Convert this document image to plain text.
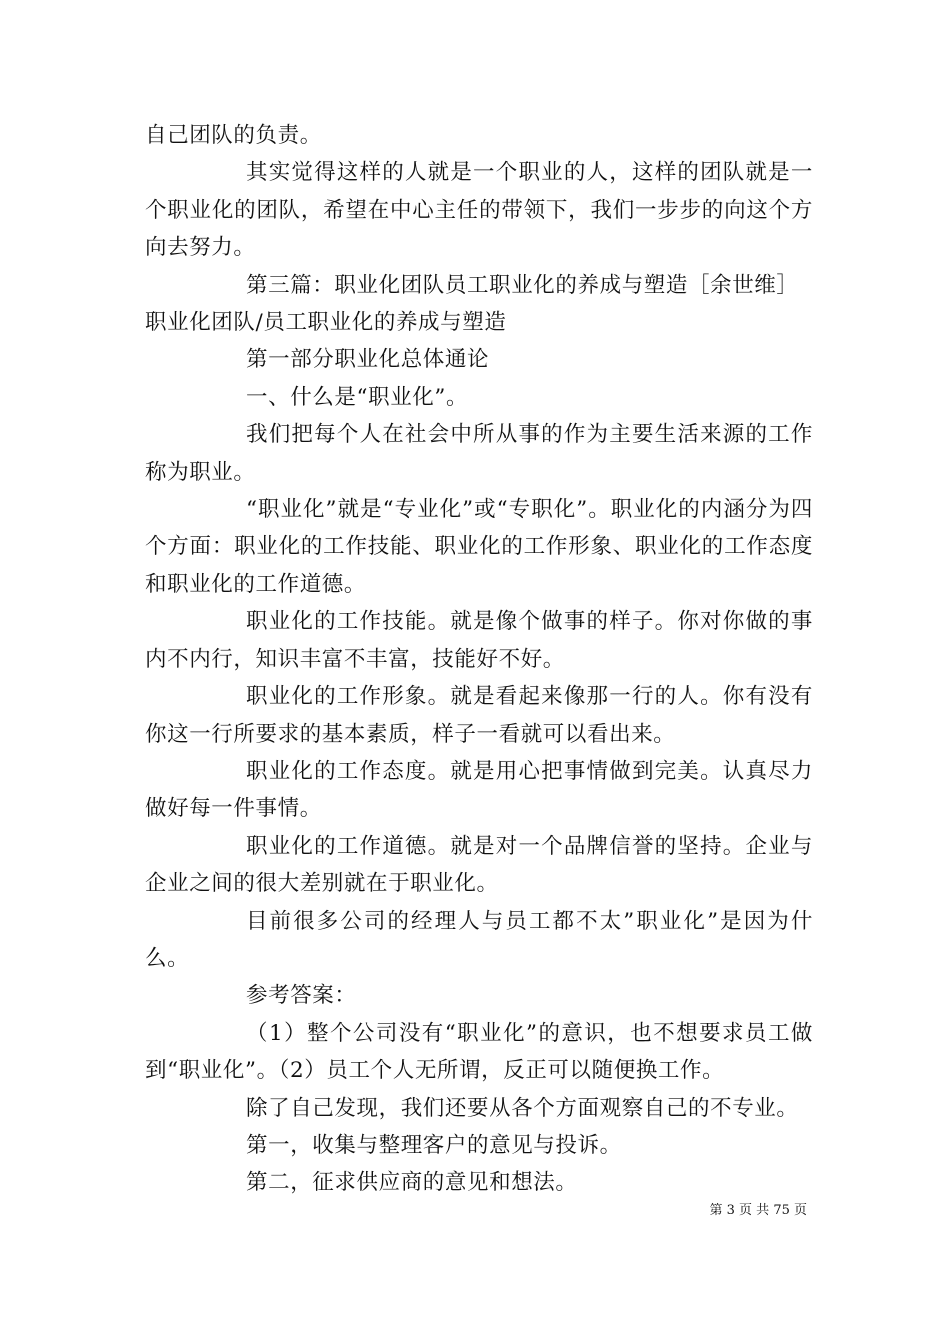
自己团队的负责。

其实觉得这样的人就是一个职业的人，这样的团队就是一个职业化的团队，希望在中心主任的带领下，我们一步步的向这个方向去努力。

第三篇：职业化团队员工职业化的养成与塑造［余世维］

职业化团队/员工职业化的养成与塑造

第一部分职业化总体通论

一、什么是“职业化”。

我们把每个人在社会中所从事的作为主要生活来源的工作称为职业。

“职业化”就是“专业化”或“专职化”。职业化的内涵分为四个方面：职业化的工作技能、职业化的工作形象、职业化的工作态度和职业化的工作道德。

职业化的工作技能。就是像个做事的样子。你对你做的事内不内行，知识丰富不丰富，技能好不好。

职业化的工作形象。就是看起来像那一行的人。你有没有你这一行所要求的基本素质，样子一看就可以看出来。

职业化的工作态度。就是用心把事情做到完美。认真尽力做好每一件事情。

职业化的工作道德。就是对一个品牌信誉的坚持。企业与企业之间的很大差别就在于职业化。

目前很多公司的经理人与员工都不太”职业化”是因为什么。

参考答案：

（1）整个公司没有“职业化”的意识，也不想要求员工做到“职业化”。（2）员工个人无所谓，反正可以随便换工作。

除了自己发现，我们还要从各个方面观察自己的不专业。

第一，收集与整理客户的意见与投诉。

第二，征求供应商的意见和想法。

第 3 页 共 75 页
